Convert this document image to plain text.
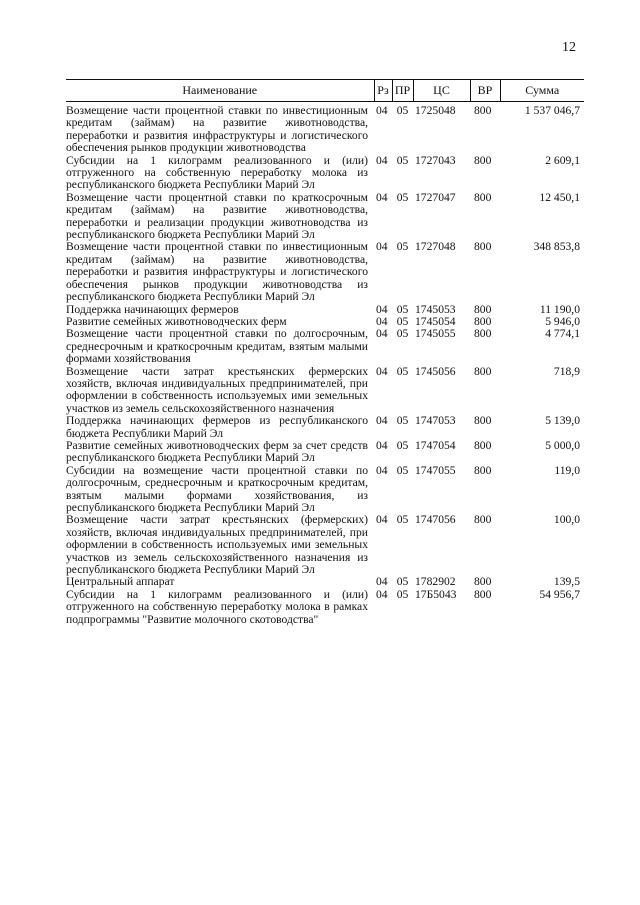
12
Наименование	Рз	ПР	ЦС	ВР	Сумма
Возмещение части процентной ставки по инвестиционным кредитам (займам) на развитие животноводства, переработки и развития инфраструктуры и логистического обеспечения рынков продукции животноводства	04	05	1725048	800	1 537 046,7
Субсидии на 1 килограмм реализованного и (или) отгруженного на собственную переработку молока из республиканского бюджета Республики Марий Эл	04	05	1727043	800	2 609,1
Возмещение части процентной ставки по краткосрочным кредитам (займам) на развитие животноводства, переработки и реализации продукции животноводства из республиканского бюджета Республики Марий Эл	04	05	1727047	800	12 450,1
Возмещение части процентной ставки по инвестиционным кредитам (займам) на развитие животноводства, переработки и развития инфраструктуры и логистического обеспечения рынков продукции животноводства из республиканского бюджета Республики Марий Эл	04	05	1727048	800	348 853,8
Поддержка начинающих фермеров	04	05	1745053	800	11 190,0
Развитие семейных животноводческих ферм	04	05	1745054	800	5 946,0
Возмещение части процентной ставки по долгосрочным, среднесрочным и краткосрочным кредитам, взятым малыми формами хозяйствования	04	05	1745055	800	4 774,1
Возмещение части затрат крестьянских фермерских хозяйств, включая индивидуальных предпринимателей, при оформлении в собственность используемых ими земельных участков из земель сельскохозяйственного назначения	04	05	1745056	800	718,9
Поддержка начинающих фермеров из республиканского бюджета Республики Марий Эл	04	05	1747053	800	5 139,0
Развитие семейных животноводческих ферм за счет средств республиканского бюджета Республики Марий Эл	04	05	1747054	800	5 000,0
Субсидии на возмещение части процентной ставки по долгосрочным, среднесрочным и краткосрочным кредитам, взятым малыми формами хозяйствования, из республиканского бюджета Республики Марий Эл	04	05	1747055	800	119,0
Возмещение части затрат крестьянских (фермерских) хозяйств, включая индивидуальных предпринимателей, при оформлении в собственность используемых ими земельных участков из земель сельскохозяйственного назначения из республиканского бюджета Республики Марий Эл	04	05	1747056	800	100,0
Центральный аппарат	04	05	1782902	800	139,5
Субсидии на 1 килограмм реализованного и (или) отгруженного на собственную переработку молока в рамках подпрограммы "Развитие молочного скотоводства"	04	05	17Б5043	800	54 956,7
